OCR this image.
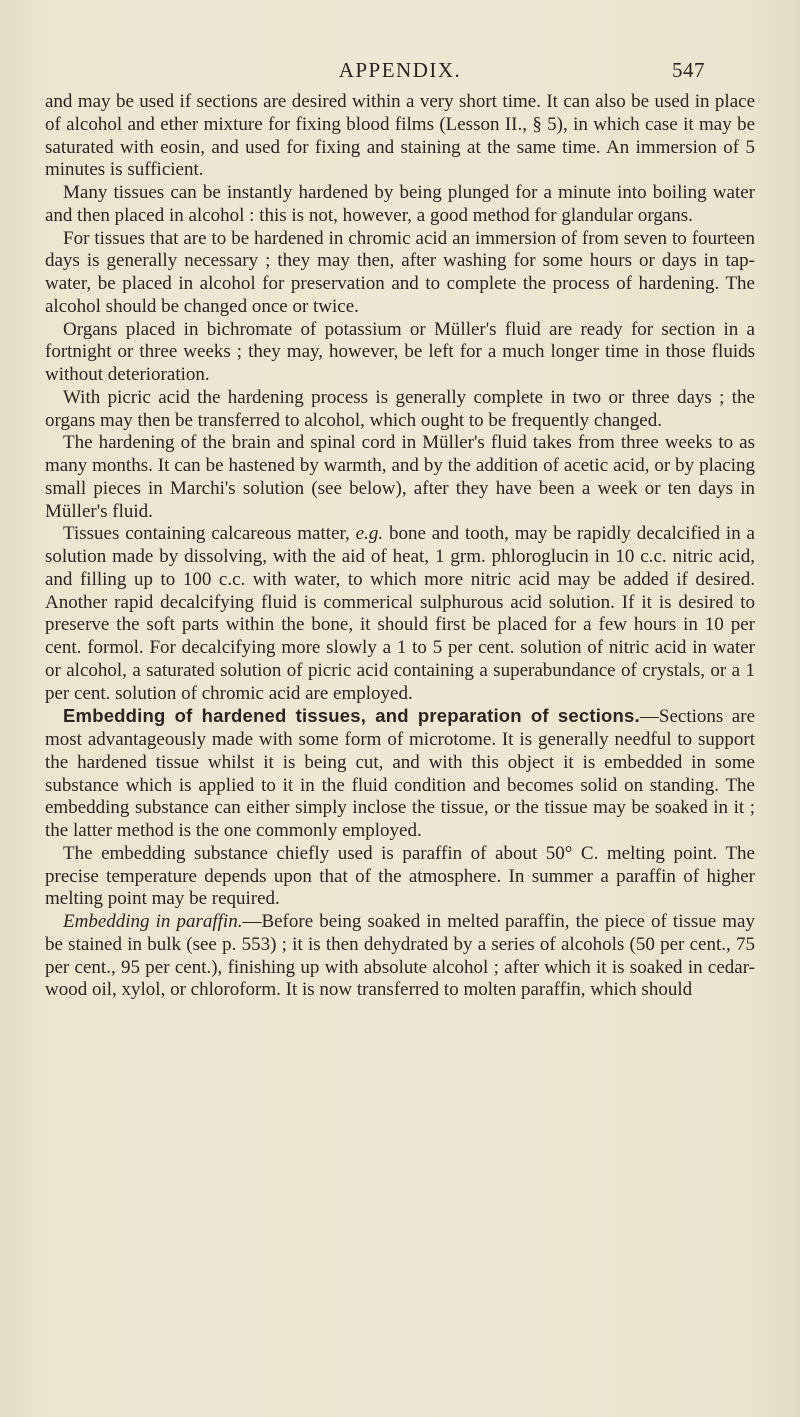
APPENDIX.	547

and may be used if sections are desired within a very short time. It can also be used in place of alcohol and ether mixture for fixing blood films (Lesson II., § 5), in which case it may be saturated with eosin, and used for fixing and staining at the same time. An immersion of 5 minutes is sufficient.

Many tissues can be instantly hardened by being plunged for a minute into boiling water and then placed in alcohol : this is not, however, a good method for glandular organs.

For tissues that are to be hardened in chromic acid an immersion of from seven to fourteen days is generally necessary ; they may then, after washing for some hours or days in tap-water, be placed in alcohol for preservation and to complete the process of hardening. The alcohol should be changed once or twice.

Organs placed in bichromate of potassium or Müller's fluid are ready for section in a fortnight or three weeks ; they may, however, be left for a much longer time in those fluids without deterioration.

With picric acid the hardening process is generally complete in two or three days ; the organs may then be transferred to alcohol, which ought to be frequently changed.

The hardening of the brain and spinal cord in Müller's fluid takes from three weeks to as many months. It can be hastened by warmth, and by the addition of acetic acid, or by placing small pieces in Marchi's solution (see below), after they have been a week or ten days in Müller's fluid.

Tissues containing calcareous matter, e.g. bone and tooth, may be rapidly decalcified in a solution made by dissolving, with the aid of heat, 1 grm. phloroglucin in 10 c.c. nitric acid, and filling up to 100 c.c. with water, to which more nitric acid may be added if desired. Another rapid decalcifying fluid is commerical sulphurous acid solution. If it is desired to preserve the soft parts within the bone, it should first be placed for a few hours in 10 per cent. formol. For decalcifying more slowly a 1 to 5 per cent. solution of nitric acid in water or alcohol, a saturated solution of picric acid containing a superabundance of crystals, or a 1 per cent. solution of chromic acid are employed.

Embedding of hardened tissues, and preparation of sections.—Sections are most advantageously made with some form of microtome. It is generally needful to support the hardened tissue whilst it is being cut, and with this object it is embedded in some substance which is applied to it in the fluid condition and becomes solid on standing. The embedding substance can either simply inclose the tissue, or the tissue may be soaked in it ; the latter method is the one commonly employed.

The embedding substance chiefly used is paraffin of about 50° C. melting point. The precise temperature depends upon that of the atmosphere. In summer a paraffin of higher melting point may be required.

Embedding in paraffin.—Before being soaked in melted paraffin, the piece of tissue may be stained in bulk (see p. 553) ; it is then dehydrated by a series of alcohols (50 per cent., 75 per cent., 95 per cent.), finishing up with absolute alcohol ; after which it is soaked in cedar-wood oil, xylol, or chloroform. It is now transferred to molten paraffin, which should
